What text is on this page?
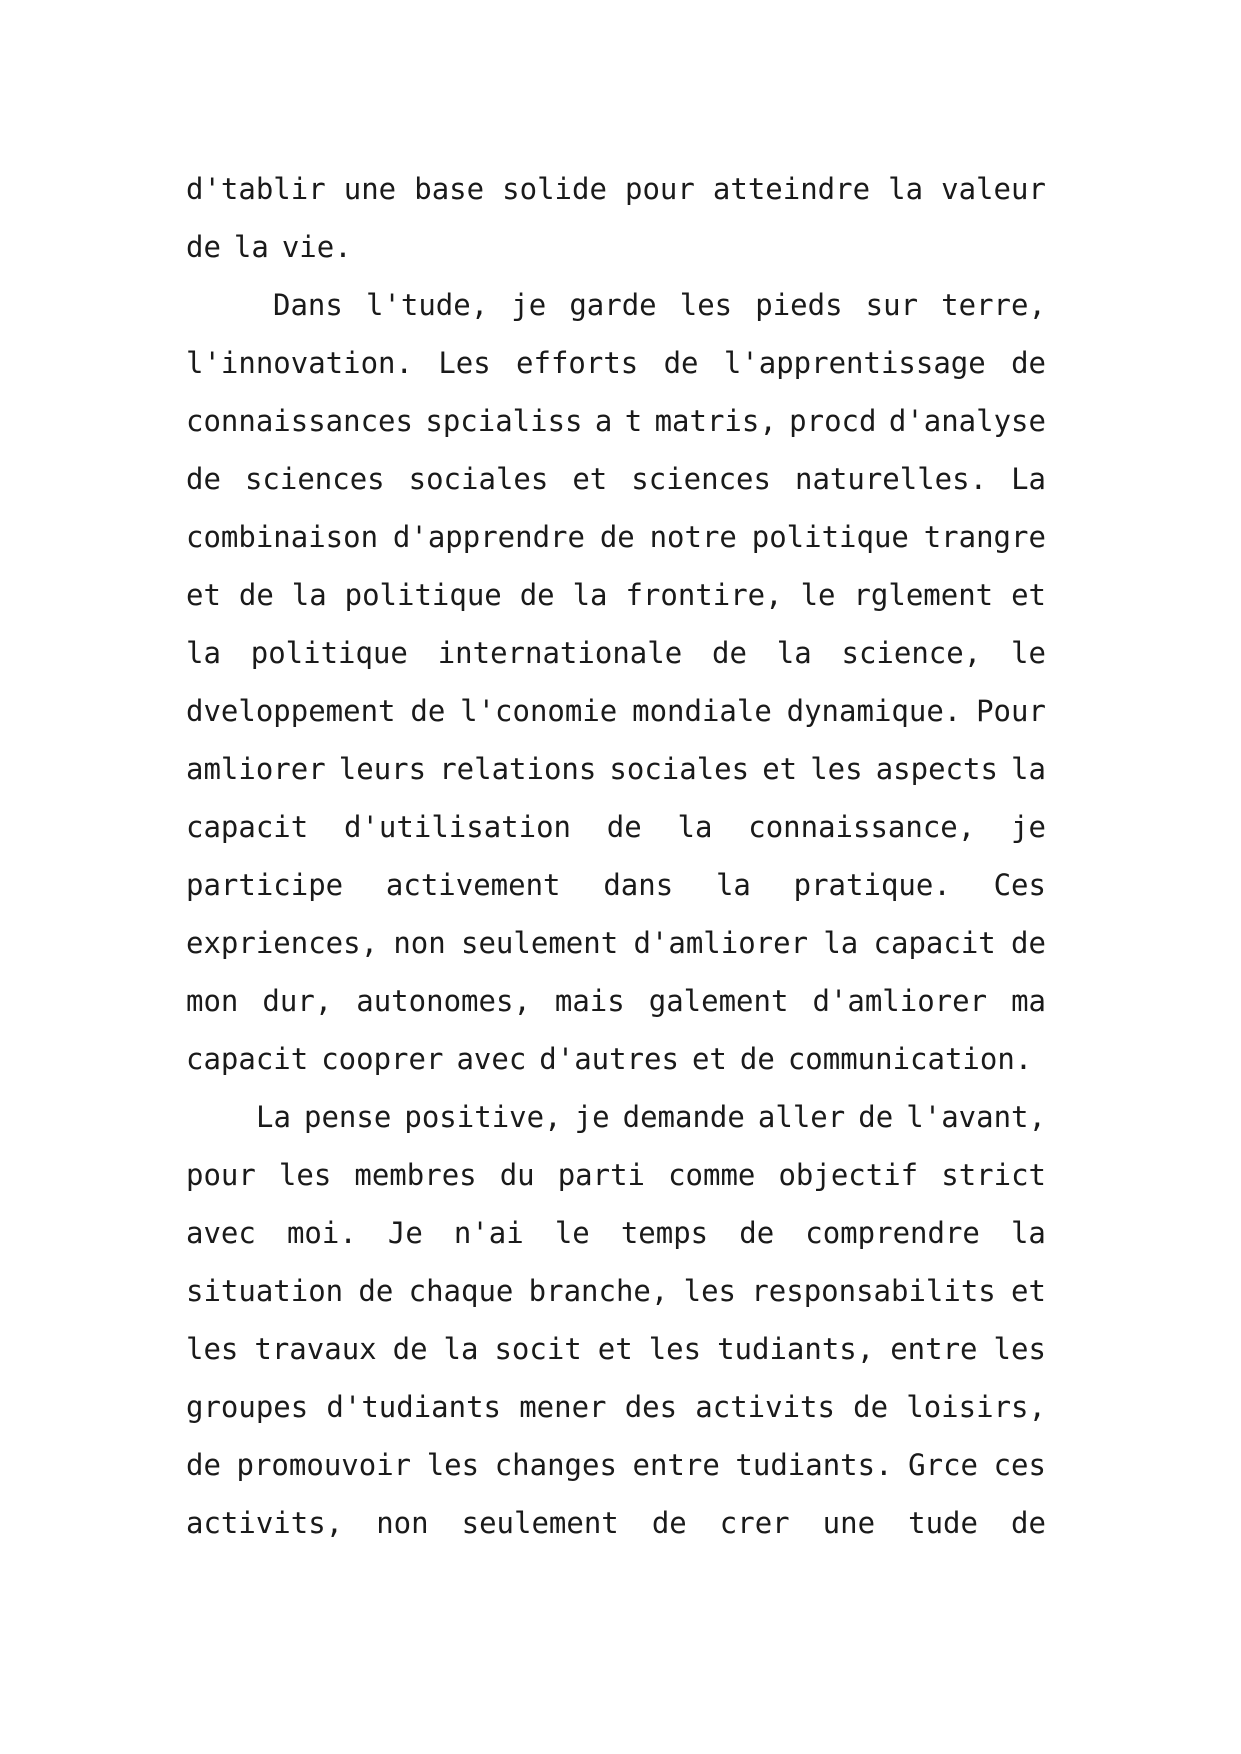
d'tablir une base solide pour atteindre la valeur
de la vie.
Dans l'tude, je garde les pieds sur terre,
l'innovation. Les efforts de l'apprentissage de
connaissances spcialiss a t matris, procd d'analyse
de sciences sociales et sciences naturelles. La
combinaison d'apprendre de notre politique trangre
et de la politique de la frontire, le rglement et
la politique internationale de la science, le
dveloppement de l'conomie mondiale dynamique. Pour
amliorer leurs relations sociales et les aspects la
capacit d'utilisation de la connaissance, je
participe activement dans la pratique. Ces
expriences, non seulement d'amliorer la capacit de
mon dur, autonomes, mais galement d'amliorer ma
capacit cooprer avec d'autres et de communication.
La pense positive, je demande aller de l'avant,
pour les membres du parti comme objectif strict
avec moi. Je n'ai le temps de comprendre la
situation de chaque branche, les responsabilits et
les travaux de la socit et les tudiants, entre les
groupes d'tudiants mener des activits de loisirs,
de promouvoir les changes entre tudiants. Grce ces
activits, non seulement de crer une tude de
